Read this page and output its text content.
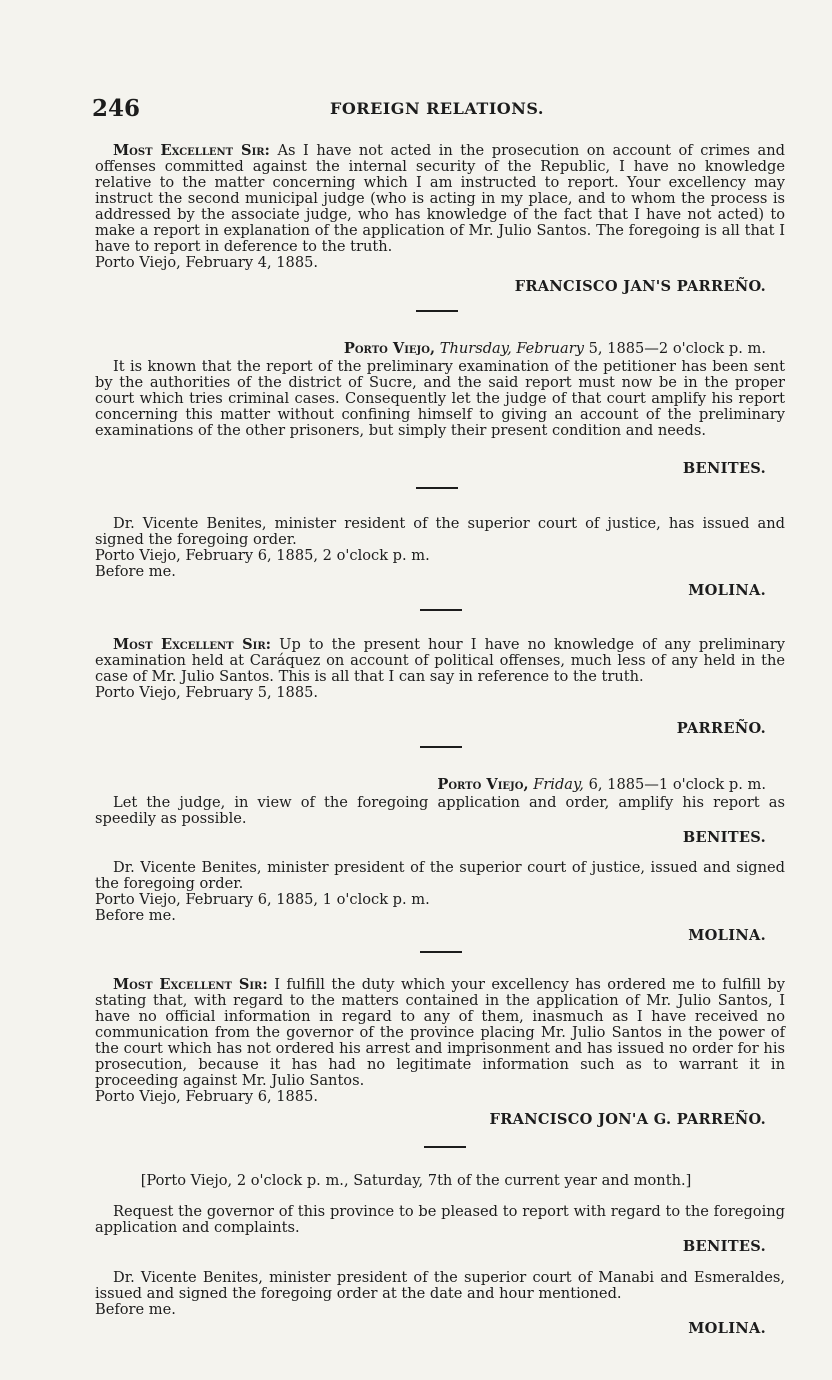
246	FOREIGN RELATIONS.

Most Excellent Sir: As I have not acted in the prosecution on account of crimes and offenses committed against the internal security of the Republic, I have no knowledge relative to the matter concerning which I am instructed to report. Your excellency may instruct the second municipal judge (who is acting in my place, and to whom the process is addressed by the associate judge, who has knowledge of the fact that I have not acted) to make a report in explanation of the application of Mr. Julio Santos. The foregoing is all that I have to report in deference to the truth.

Porto Viejo, February 4, 1885.

FRANCISCO JAN'S PARREÑO.
Porto Viejo, Thursday, February 5, 1885—2 o'clock p. m.

It is known that the report of the preliminary examination of the petitioner has been sent by the authorities of the district of Sucre, and the said report must now be in the proper court which tries criminal cases. Consequently let the judge of that court amplify his report concerning this matter without confining himself to giving an account of the preliminary examinations of the other prisoners, but simply their present condition and needs.

BENITES.

Dr. Vicente Benites, minister resident of the superior court of justice, has issued and signed the foregoing order.

Porto Viejo, February 6, 1885, 2 o'clock p. m.

Before me.

MOLINA.

Most Excellent Sir: Up to the present hour I have no knowledge of any preliminary examination held at Caráquez on account of political offenses, much less of any held in the case of Mr. Julio Santos. This is all that I can say in reference to the truth.

Porto Viejo, February 5, 1885.

PARREÑO.
Porto Viejo, Friday, 6, 1885—1 o'clock p. m.

Let the judge, in view of the foregoing application and order, amplify his report as speedily as possible.

BENITES.

Dr. Vicente Benites, minister president of the superior court of justice, issued and signed the foregoing order.

Porto Viejo, February 6, 1885, 1 o'clock p. m.

Before me.

MOLINA.

Most Excellent Sir: I fulfill the duty which your excellency has ordered me to fulfill by stating that, with regard to the matters contained in the application of Mr. Julio Santos, I have no official information in regard to any of them, inasmuch as I have received no communication from the governor of the province placing Mr. Julio Santos in the power of the court which has not ordered his arrest and imprisonment and has issued no order for his prosecution, because it has had no legitimate information such as to warrant it in proceeding against Mr. Julio Santos.

Porto Viejo, February 6, 1885.

FRANCISCO JON'A G. PARREÑO.
[Porto Viejo, 2 o'clock p. m., Saturday, 7th of the current year and month.]

Request the governor of this province to be pleased to report with regard to the foregoing application and complaints.

BENITES.

Dr. Vicente Benites, minister president of the superior court of Manabi and Esmeraldes, issued and signed the foregoing order at the date and hour mentioned.

Before me.

MOLINA.
